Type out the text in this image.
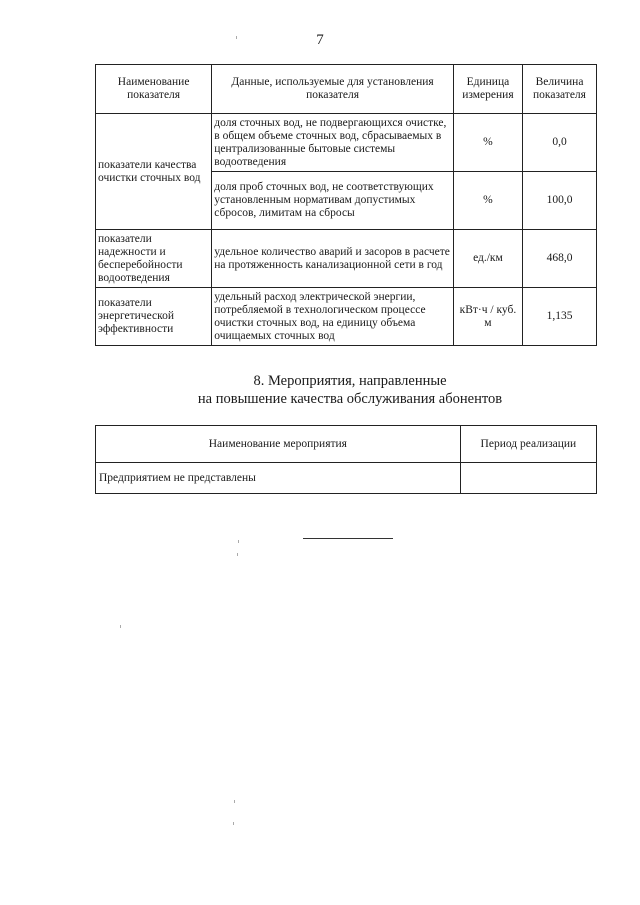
7
Наименование показателя	Данные, используемые для установления показателя	Единица измерения	Величина показателя
показатели качества очистки сточных вод	доля сточных вод, не подвергающихся очистке, в общем объеме сточных вод, сбрасываемых в централизованные бытовые системы водоотведения	%	0,0
	доля проб сточных вод, не соответствующих установленным нормативам допустимых сбросов, лимитам на сбросы	%	100,0
показатели надежности и бесперебойности водоотведения	удельное количество аварий и засоров в расчете на протяженность канализационной сети в год	ед./км	468,0
показатели энергетической эффективности	удельный расход электрической энергии, потребляемой в технологическом процессе очистки сточных вод, на единицу объема очищаемых сточных вод	кВт·ч / куб. м	1,135
8. Мероприятия, направленные
на повышение качества обслуживания абонентов
Наименование мероприятия	Период реализации
Предприятием не представлены	
